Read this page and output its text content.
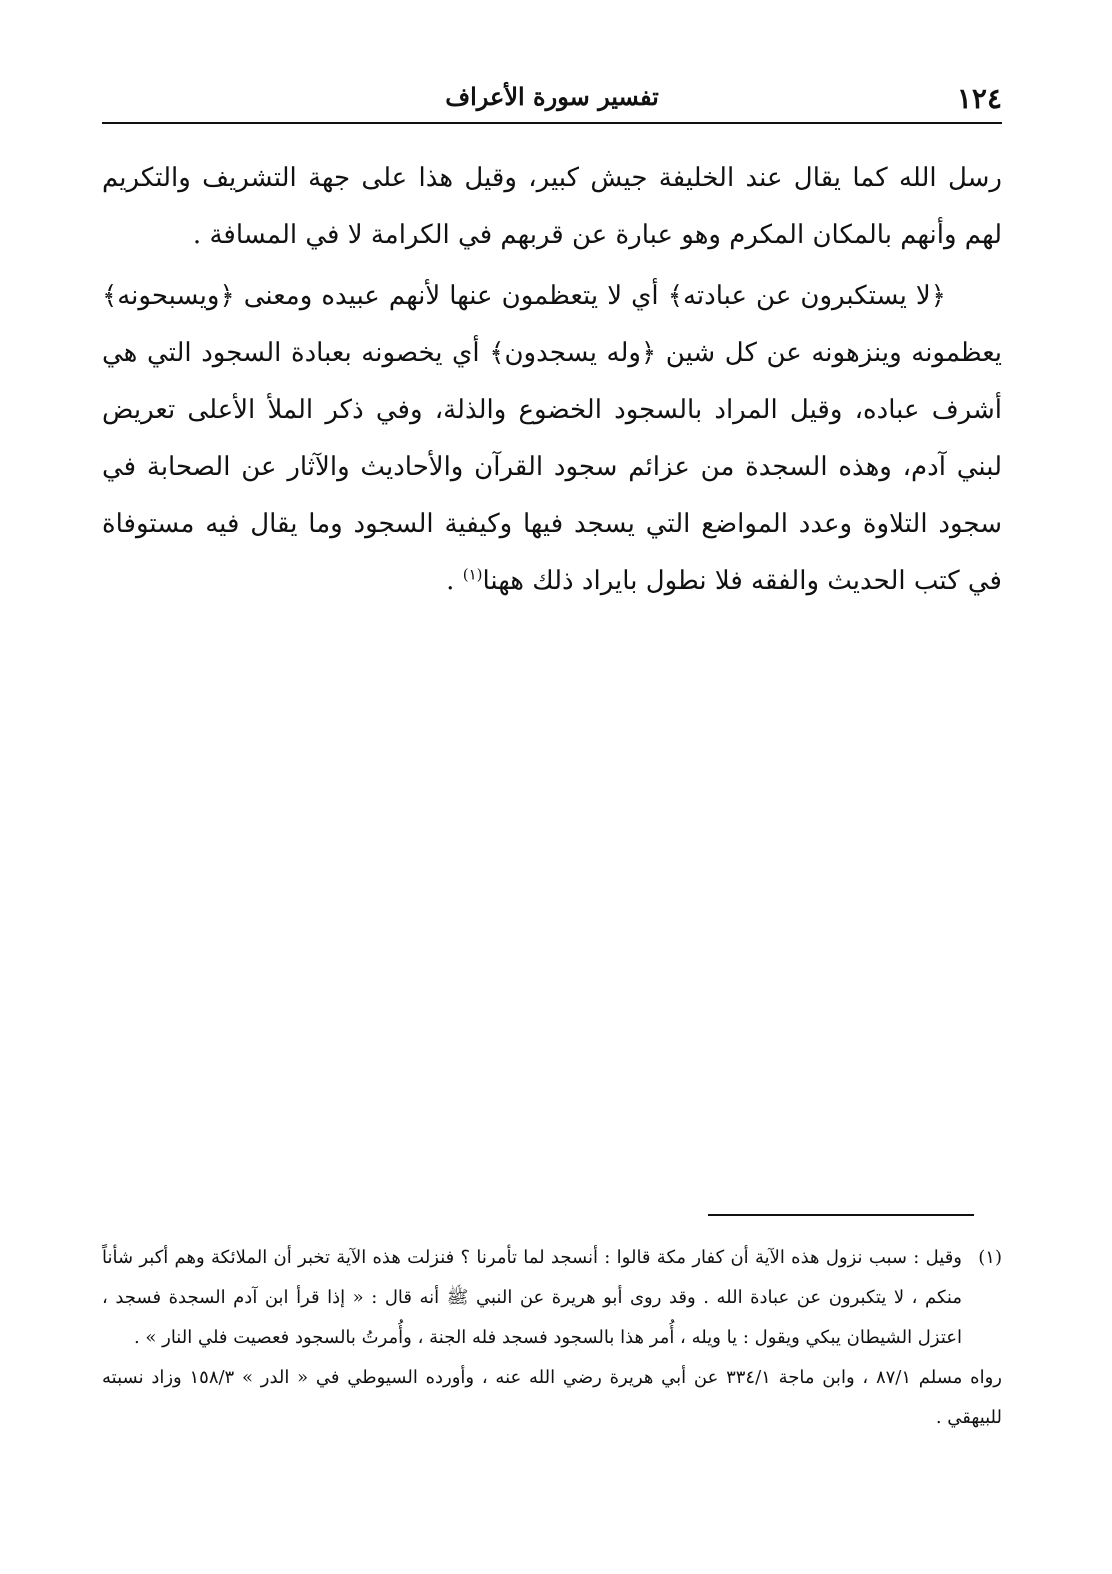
١٢٤
تفسير سورة الأعراف

رسل الله كما يقال عند الخليفة جيش كبير، وقيل هذا على جهة التشريف والتكريم لهم وأنهم بالمكان المكرم وهو عبارة عن قربهم في الكرامة لا في المسافة .

﴿لا يستكبرون عن عبادته﴾ أي لا يتعظمون عنها لأنهم عبيده ومعنى ﴿ويسبحونه﴾ يعظمونه وينزهونه عن كل شين ﴿وله يسجدون﴾ أي يخصونه بعبادة السجود التي هي أشرف عباده، وقيل المراد بالسجود الخضوع والذلة، وفي ذكر الملأ الأعلى تعريض لبني آدم، وهذه السجدة من عزائم سجود القرآن والأحاديث والآثار عن الصحابة في سجود التلاوة وعدد المواضع التي يسجد فيها وكيفية السجود وما يقال فيه مستوفاة في كتب الحديث والفقه فلا نطول بايراد ذلك ههنا$^{(١)}$ .

(١)
وقيل : سبب نزول هذه الآية أن كفار مكة قالوا : أنسجد لما تأمرنا ؟ فنزلت هذه الآية تخبر أن الملائكة وهم أكبر شأناً منكم ، لا يتكبرون عن عبادة الله . وقد روى أبو هريرة عن النبي ﷺ أنه قال : « إذا قرأ ابن آدم السجدة فسجد ، اعتزل الشيطان يبكي ويقول : يا ويله ، أُمر هذا بالسجود فسجد فله الجنة ، وأُمرتُ بالسجود فعصيت فلي النار » .

رواه مسلم ٨٧/١ ، وابن ماجة ٣٣٤/١ عن أبي هريرة رضي الله عنه ، وأورده السيوطي في « الدر » ١٥٨/٣ وزاد نسبته للبيهقي .
